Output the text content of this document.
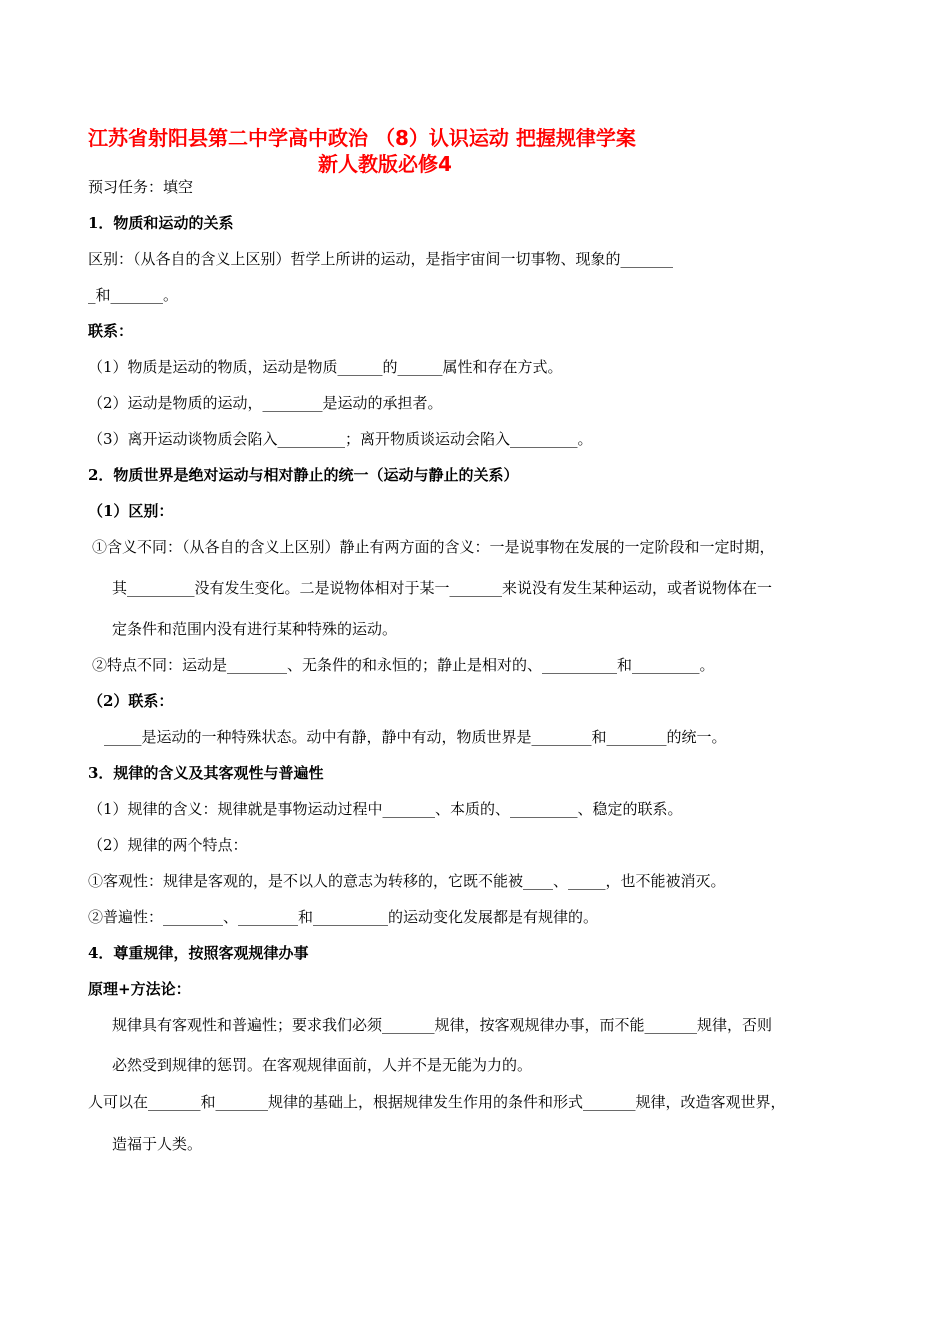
江苏省射阳县第二中学高中政治 （8）认识运动 把握规律学案
新人教版必修4
预习任务：填空
1．物质和运动的关系
区别：（从各自的含义上区别）哲学上所讲的运动，是指宇宙间一切事物、现象的_______
_和_______。
联系：
（1）物质是运动的物质，运动是物质______的______属性和存在方式。
（2）运动是物质的运动，________是运动的承担者。
（3）离开运动谈物质会陷入_________；离开物质谈运动会陷入_________。
2．物质世界是绝对运动与相对静止的统一（运动与静止的关系）
（1）区别：
①含义不同：（从各自的含义上区别）静止有两方面的含义：一是说事物在发展的一定阶段和一定时期，
其_________没有发生变化。二是说物体相对于某一_______来说没有发生某种运动，或者说物体在一
定条件和范围内没有进行某种特殊的运动。
②特点不同：运动是________、无条件的和永恒的；静止是相对的、__________和_________。
（2）联系：
_____是运动的一种特殊状态。动中有静，静中有动，物质世界是________和________的统一。
3．规律的含义及其客观性与普遍性
（1）规律的含义：规律就是事物运动过程中_______、本质的、_________、稳定的联系。
（2）规律的两个特点：
①客观性：规律是客观的，是不以人的意志为转移的，它既不能被____、_____，也不能被消灭。
②普遍性：________、________和__________的运动变化发展都是有规律的。
4．尊重规律，按照客观规律办事
原理+方法论：
规律具有客观性和普遍性；要求我们必须_______规律，按客观规律办事，而不能_______规律，否则
必然受到规律的惩罚。在客观规律面前，人并不是无能为力的。
人可以在_______和_______规律的基础上，根据规律发生作用的条件和形式_______规律，改造客观世界，
造福于人类。
